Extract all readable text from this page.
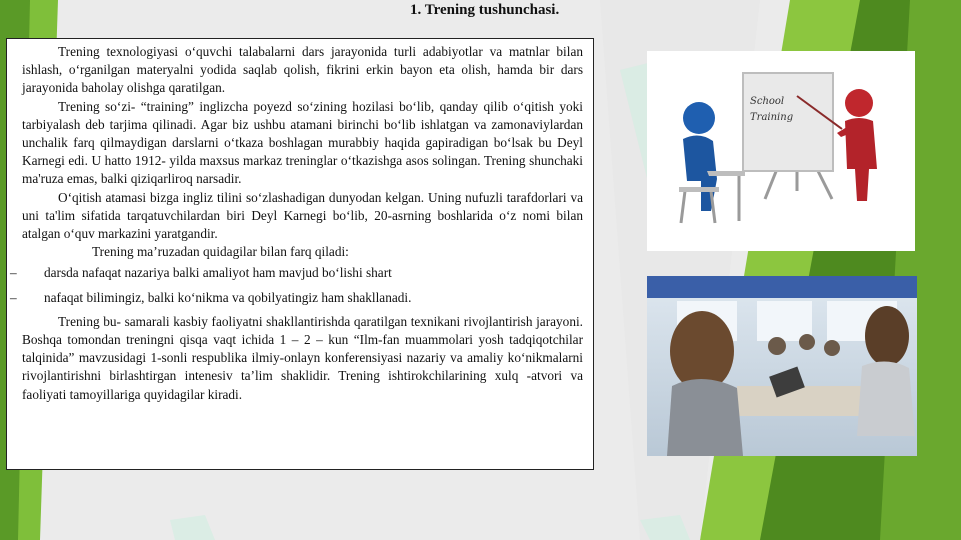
1. Trening tushunchasi.

Trening texnologiyasi o‘quvchi talabalarni dars jarayonida turli adabiyotlar va matnlar bilan ishlash, o‘rganilgan materyalni yodida saqlab qolish, fikrini erkin bayon eta olish, hamda bir dars jarayonida baholay olishga qaratilgan.

Trening so‘zi- “training” inglizcha poyezd so‘zining hozilasi bo‘lib, qanday qilib o‘qitish yoki tarbiyalash deb tarjima qilinadi. Agar biz ushbu atamani birinchi bo‘lib ishlatgan va zamonaviylardan unchalik farq qilmaydigan darslarni o‘tkaza boshlagan murabbiy haqida gapiradigan bo‘lsak bu Deyl Karnegi edi. U hatto 1912- yilda maxsus markaz treninglar o‘tkazishga asos solingan. Trening shunchaki ma'ruza emas, balki qiziqarliroq narsadir.

O‘qitish atamasi bizga ingliz tilini so‘zlashadigan dunyodan kelgan. Uning nufuzli tarafdorlari va uni ta'lim sifatida tarqatuvchilardan biri Deyl Karnegi bo‘lib, 20-asrning boshlarida o‘z nomi bilan atalgan o‘quv markazini yaratgandir.

Trening ma’ruzadan quidagilar bilan farq qiladi:

– darsda nafaqat nazariya balki amaliyot ham mavjud bo‘lishi shart
– nafaqat bilimingiz, balki ko‘nikma va qobilyatingiz ham shakllanadi.

Trening bu- samarali kasbiy faoliyatni shakllantirishda qaratilgan texnikani rivojlantirish jarayoni. Boshqa tomondan treningni qisqa vaqt ichida 1 – 2 – kun “Ilm-fan muammolari yosh tadqiqotchilar talqinida” mavzusidagi 1-sonli respublika ilmiy-onlayn konferensiyasi nazariy va amaliy ko‘nikmalarni rivojlantirishni birlashtirgan intenesiv ta’lim shaklidir. Trening ishtirokchilarining xulq -atvori va faoliyati tamoyillariga quyidagilar kiradi.

School
Training
